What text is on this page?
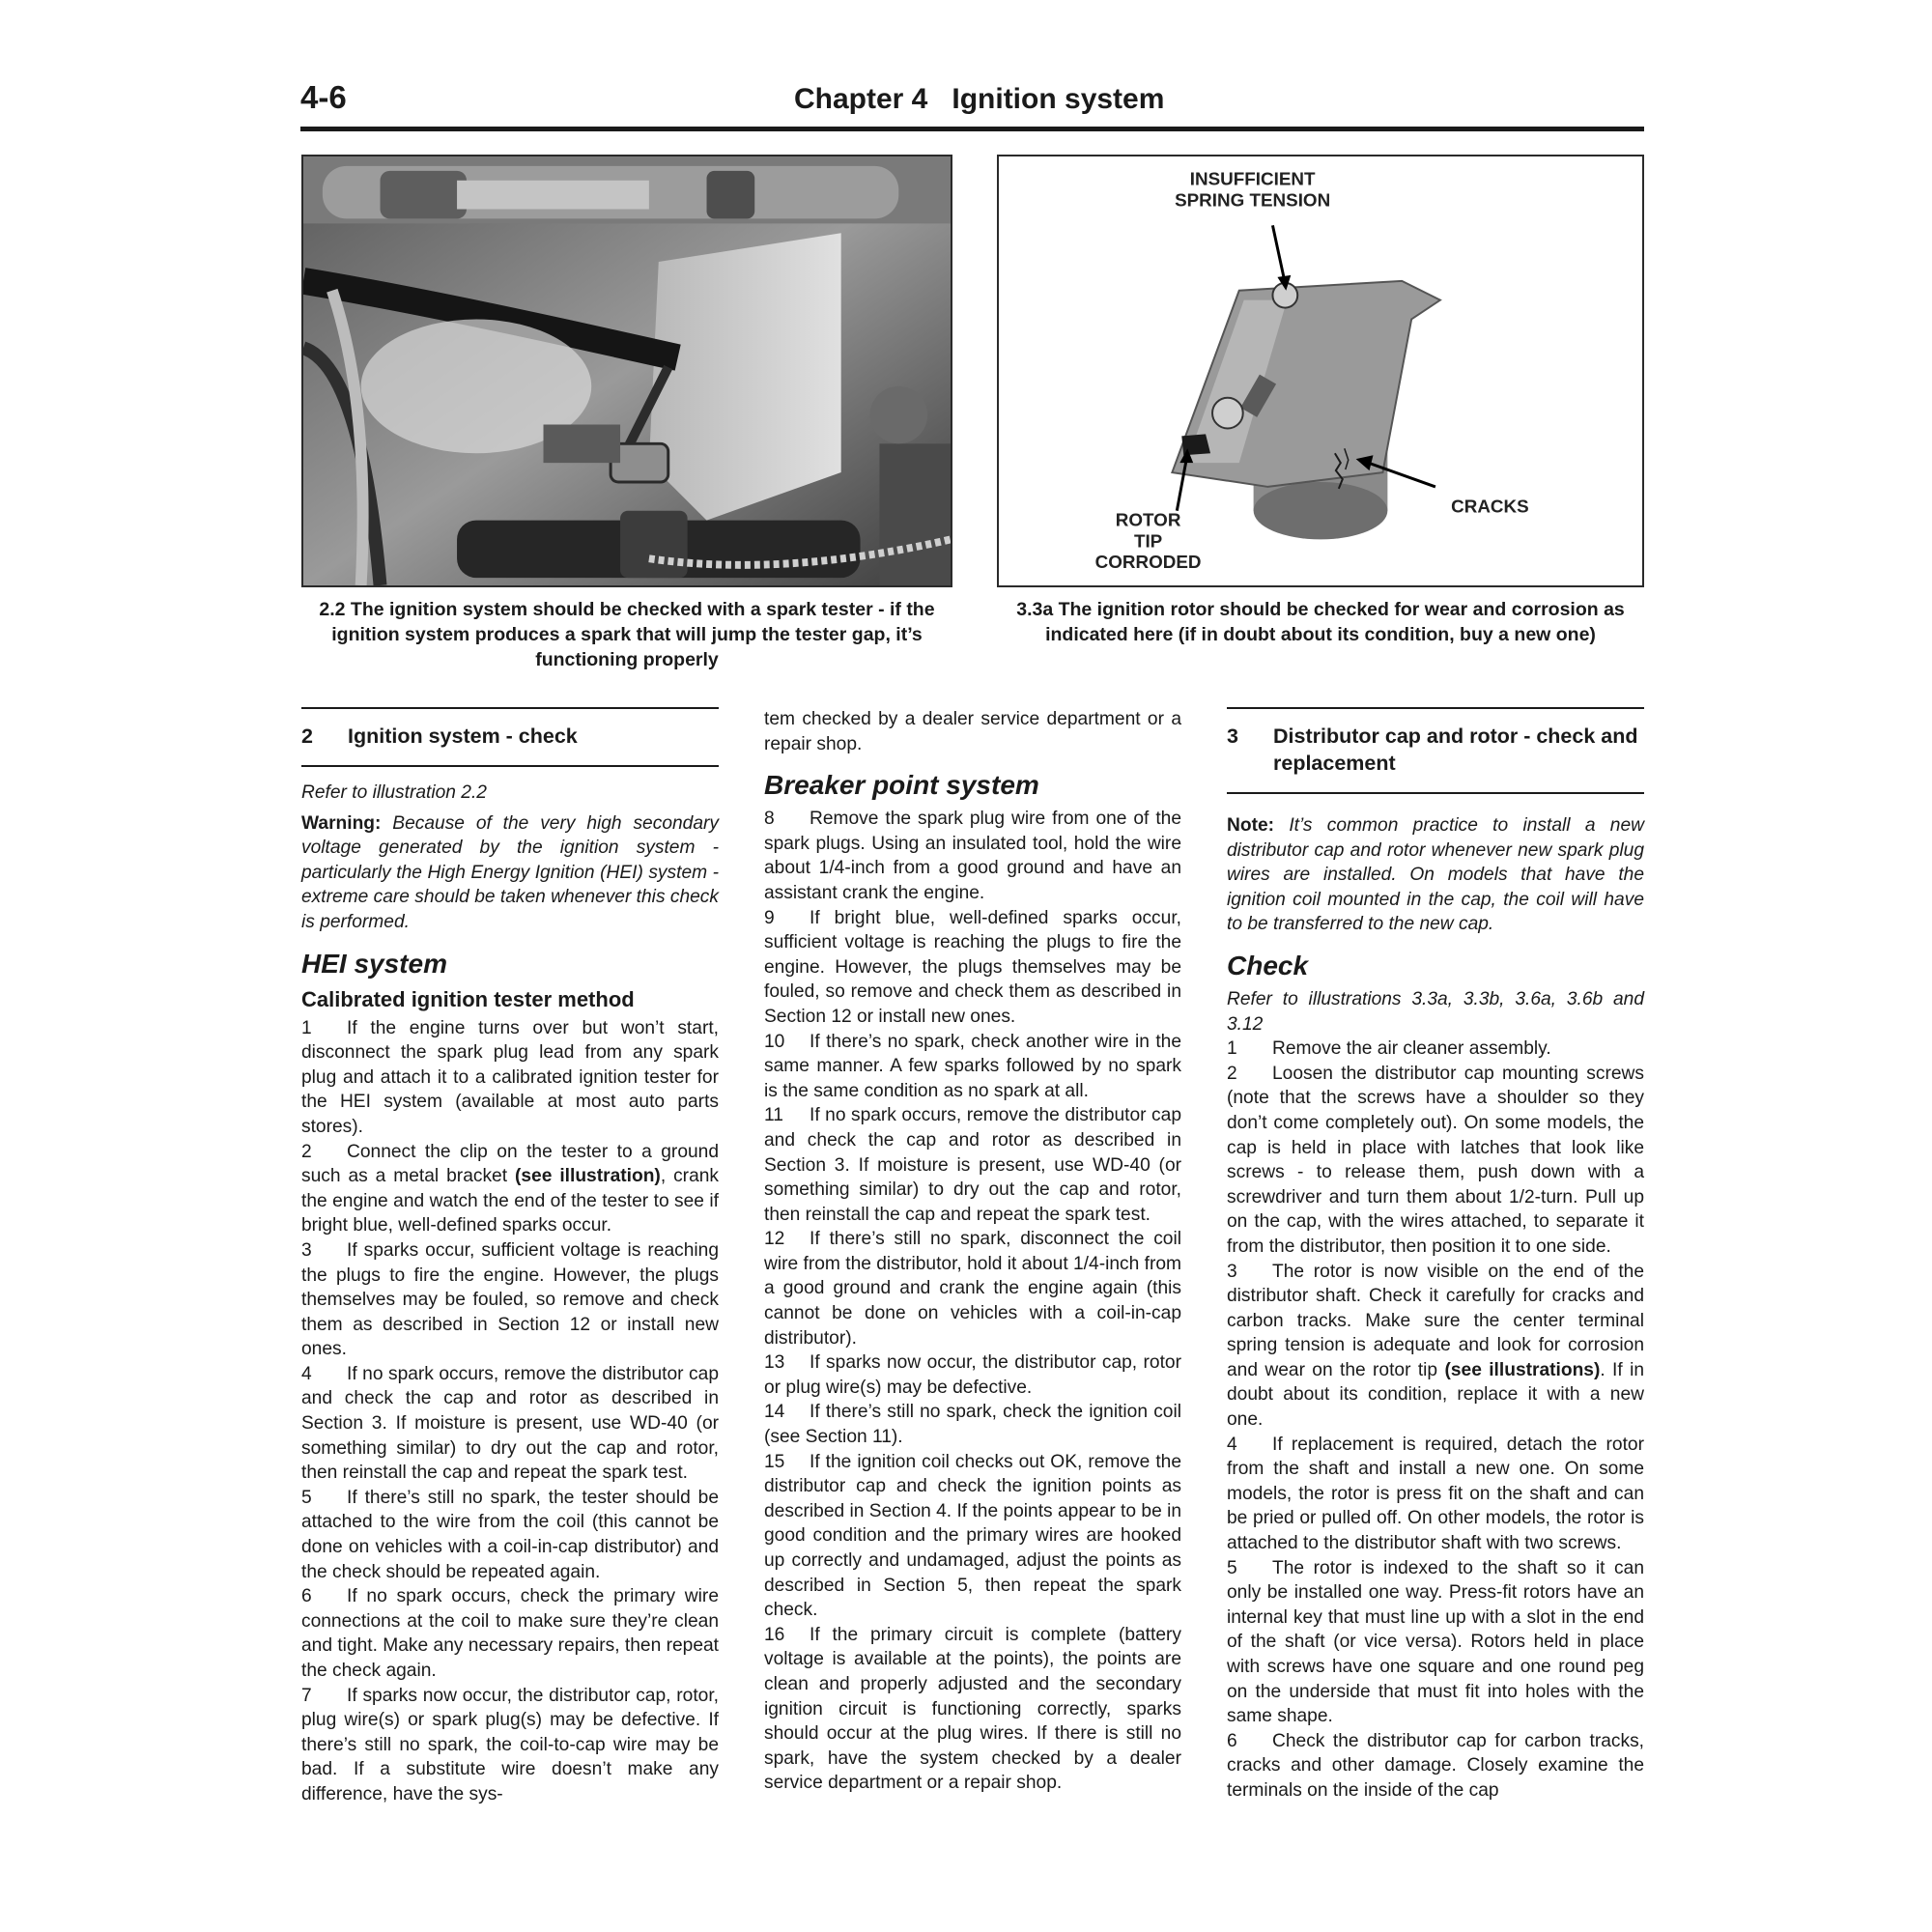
4-6	Chapter 4   Ignition system
INSUFFICIENT
SPRING TENSION
CRACKS
ROTOR
TIP
CORRODED
2.2 The ignition system should be checked with a spark tester - if the ignition system produces a spark that will jump the tester gap, it’s functioning properly
3.3a The ignition rotor should be checked for wear and corrosion as indicated here (if in doubt about its condition, buy a new one)
2	Ignition system - check

Refer to illustration 2.2

Warning: Because of the very high secondary voltage generated by the ignition system - particularly the High Energy Ignition (HEI) system - extreme care should be taken whenever this check is performed.

HEI system
Calibrated ignition tester method

1 If the engine turns over but won’t start, disconnect the spark plug lead from any spark plug and attach it to a calibrated ignition tester for the HEI system (available at most auto parts stores).

2 Connect the clip on the tester to a ground such as a metal bracket (see illustration), crank the engine and watch the end of the tester to see if bright blue, well-defined sparks occur.

3 If sparks occur, sufficient voltage is reaching the plugs to fire the engine. However, the plugs themselves may be fouled, so remove and check them as described in Section 12 or install new ones.

4 If no spark occurs, remove the distributor cap and check the cap and rotor as described in Section 3. If moisture is present, use WD-40 (or something similar) to dry out the cap and rotor, then reinstall the cap and repeat the spark test.

5 If there’s still no spark, the tester should be attached to the wire from the coil (this cannot be done on vehicles with a coil-in-cap distributor) and the check should be repeated again.

6 If no spark occurs, check the primary wire connections at the coil to make sure they’re clean and tight. Make any necessary repairs, then repeat the check again.

7 If sparks now occur, the distributor cap, rotor, plug wire(s) or spark plug(s) may be defective. If there’s still no spark, the coil-to-cap wire may be bad. If a substitute wire doesn’t make any difference, have the sys-

tem checked by a dealer service department or a repair shop.

Breaker point system

8 Remove the spark plug wire from one of the spark plugs. Using an insulated tool, hold the wire about 1/4-inch from a good ground and have an assistant crank the engine.

9 If bright blue, well-defined sparks occur, sufficient voltage is reaching the plugs to fire the engine. However, the plugs themselves may be fouled, so remove and check them as described in Section 12 or install new ones.

10 If there’s no spark, check another wire in the same manner. A few sparks followed by no spark is the same condition as no spark at all.

11 If no spark occurs, remove the distributor cap and check the cap and rotor as described in Section 3. If moisture is present, use WD-40 (or something similar) to dry out the cap and rotor, then reinstall the cap and repeat the spark test.

12 If there’s still no spark, disconnect the coil wire from the distributor, hold it about 1/4-inch from a good ground and crank the engine again (this cannot be done on vehicles with a coil-in-cap distributor).

13 If sparks now occur, the distributor cap, rotor or plug wire(s) may be defective.

14 If there’s still no spark, check the ignition coil (see Section 11).

15 If the ignition coil checks out OK, remove the distributor cap and check the ignition points as described in Section 4. If the points appear to be in good condition and the primary wires are hooked up correctly and undamaged, adjust the points as described in Section 5, then repeat the spark check.

16 If the primary circuit is complete (battery voltage is available at the points), the points are clean and properly adjusted and the secondary ignition circuit is functioning correctly, sparks should occur at the plug wires. If there is still no spark, have the system checked by a dealer service department or a repair shop.

3	Distributor cap and rotor - check and replacement

Note: It’s common practice to install a new distributor cap and rotor whenever new spark plug wires are installed. On models that have the ignition coil mounted in the cap, the coil will have to be transferred to the new cap.

Check

Refer to illustrations 3.3a, 3.3b, 3.6a, 3.6b and 3.12

1 Remove the air cleaner assembly.

2 Loosen the distributor cap mounting screws (note that the screws have a shoulder so they don’t come completely out). On some models, the cap is held in place with latches that look like screws - to release them, push down with a screwdriver and turn them about 1/2-turn. Pull up on the cap, with the wires attached, to separate it from the distributor, then position it to one side.

3 The rotor is now visible on the end of the distributor shaft. Check it carefully for cracks and carbon tracks. Make sure the center terminal spring tension is adequate and look for corrosion and wear on the rotor tip (see illustrations). If in doubt about its condition, replace it with a new one.

4 If replacement is required, detach the rotor from the shaft and install a new one. On some models, the rotor is press fit on the shaft and can be pried or pulled off. On other models, the rotor is attached to the distributor shaft with two screws.

5 The rotor is indexed to the shaft so it can only be installed one way. Press-fit rotors have an internal key that must line up with a slot in the end of the shaft (or vice versa). Rotors held in place with screws have one square and one round peg on the underside that must fit into holes with the same shape.

6 Check the distributor cap for carbon tracks, cracks and other damage. Closely examine the terminals on the inside of the cap
